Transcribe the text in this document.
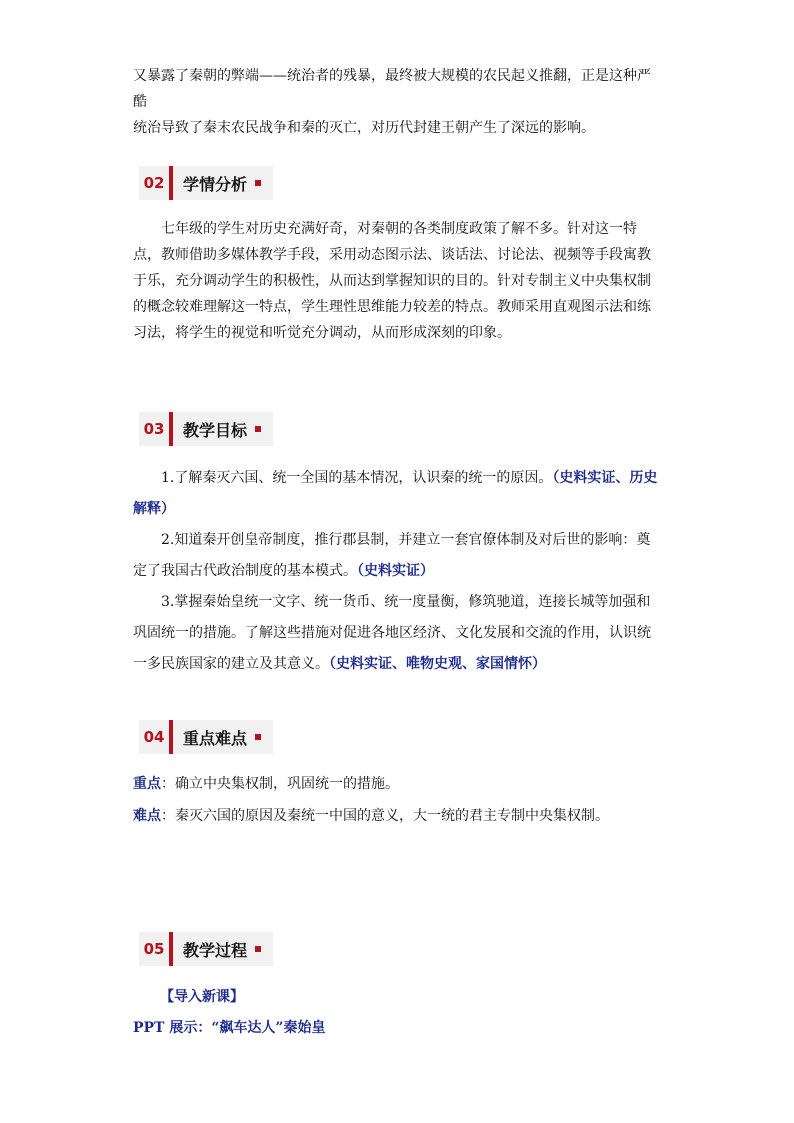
又暴露了秦朝的弊端——统治者的残暴，最终被大规模的农民起义推翻，正是这种严酷
统治导致了秦末农民战争和秦的灭亡，对历代封建王朝产生了深远的影响。

02 学情分析

七年级的学生对历史充满好奇，对秦朝的各类制度政策了解不多。针对这一特点，教师借助多媒体教学手段，采用动态图示法、谈话法、讨论法、视频等手段寓教于乐，充分调动学生的积极性，从而达到掌握知识的目的。针对专制主义中央集权制的概念较难理解这一特点，学生理性思维能力较差的特点。教师采用直观图示法和练习法，将学生的视觉和听觉充分调动，从而形成深刻的印象。

03 教学目标

1.了解秦灭六国、统一全国的基本情况，认识秦的统一的原因。（史料实证、历史解释）

2.知道秦开创皇帝制度，推行郡县制，并建立一套官僚体制及对后世的影响：奠定了我国古代政治制度的基本模式。（史料实证）

3.掌握秦始皇统一文字、统一货币、统一度量衡，修筑驰道，连接长城等加强和巩固统一的措施。了解这些措施对促进各地区经济、文化发展和交流的作用，认识统一多民族国家的建立及其意义。（史料实证、唯物史观、家国情怀）

04 重点难点

重点：确立中央集权制，巩固统一的措施。

难点：秦灭六国的原因及秦统一中国的意义，大一统的君主专制中央集权制。

05 教学过程

【导入新课】

PPT 展示：“飙车达人”秦始皇
